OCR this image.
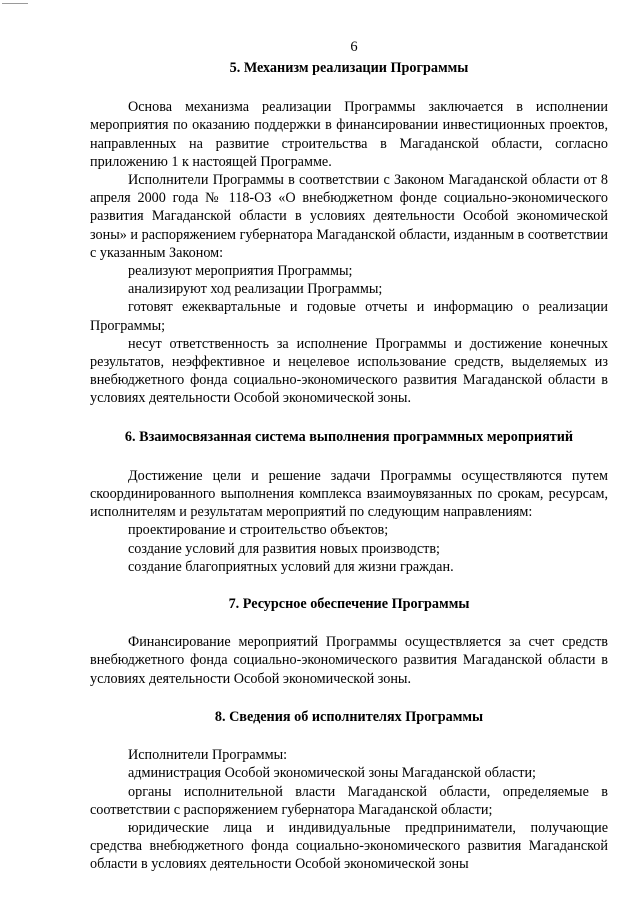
6
5. Механизм реализации Программы

Основа механизма реализации Программы заключается в исполнении мероприятия по оказанию поддержки в финансировании инвестиционных проектов, направленных на развитие строительства в Магаданской области, согласно приложению 1 к настоящей Программе.

Исполнители Программы в соответствии с Законом Магаданской области от 8 апреля 2000 года № 118-ОЗ «О внебюджетном фонде социально-экономического развития Магаданской области в условиях деятельности Особой экономической зоны» и распоряжением губернатора Магаданской области, изданным в соответствии с указанным Законом:

реализуют мероприятия Программы;

анализируют ход реализации Программы;

готовят ежеквартальные и годовые отчеты и информацию о реализации Программы;

несут ответственность за исполнение Программы и достижение конечных результатов, неэффективное и нецелевое использование средств, выделяемых из внебюджетного фонда социально-экономического развития Магаданской области в условиях деятельности Особой экономической зоны.

6. Взаимосвязанная система выполнения программных мероприятий

Достижение цели и решение задачи Программы осуществляются путем скоординированного выполнения комплекса взаимоувязанных по срокам, ресурсам, исполнителям и результатам мероприятий по следующим направлениям:

проектирование и строительство объектов;

создание условий для развития новых производств;

создание благоприятных условий для жизни граждан.

7. Ресурсное обеспечение Программы

Финансирование мероприятий Программы осуществляется за счет средств внебюджетного фонда социально-экономического развития Магаданской области в условиях деятельности Особой экономической зоны.

8. Сведения об исполнителях Программы

Исполнители Программы:

администрация Особой экономической зоны Магаданской области;

органы исполнительной власти Магаданской области, определяемые в соответствии с распоряжением губернатора Магаданской области;

юридические лица и индивидуальные предприниматели, получающие средства внебюджетного фонда социально-экономического развития Магаданской области в условиях деятельности Особой экономической зоны
